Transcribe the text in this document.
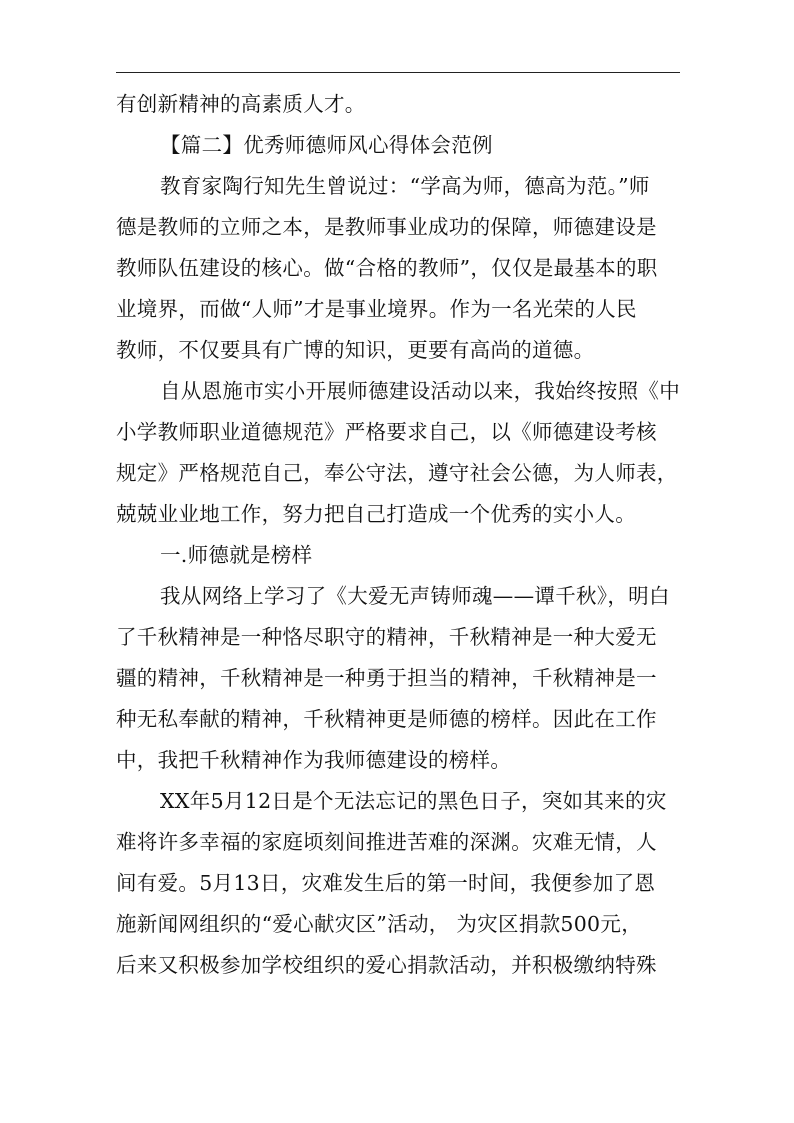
有创新精神的高素质人才。

【篇二】优秀师德师风心得体会范例

教育家陶行知先生曾说过：“学高为师，德高为范。”师

德是教师的立师之本，是教师事业成功的保障，师德建设是

教师队伍建设的核心。做“合格的教师”，仅仅是最基本的职

业境界，而做“人师”才是事业境界。作为一名光荣的人民

教师，不仅要具有广博的知识，更要有高尚的道德。

自从恩施市实小开展师德建设活动以来，我始终按照《中

小学教师职业道德规范》严格要求自己，以《师德建设考核

规定》严格规范自己，奉公守法，遵守社会公德，为人师表，

兢兢业业地工作，努力把自己打造成一个优秀的实小人。

一.师德就是榜样

我从网络上学习了《大爱无声铸师魂——谭千秋》，明白

了千秋精神是一种恪尽职守的精神，千秋精神是一种大爱无

疆的精神，千秋精神是一种勇于担当的精神，千秋精神是一

种无私奉献的精神，千秋精神更是师德的榜样。因此在工作

中，我把千秋精神作为我师德建设的榜样。

XX年5月12日是个无法忘记的黑色日子，突如其来的灾

难将许多幸福的家庭顷刻间推进苦难的深渊。灾难无情，人

间有爱。5月13日，灾难发生后的第一时间，我便参加了恩

施新闻网组织的“爱心献灾区”活动， 为灾区捐款500元，

后来又积极参加学校组织的爱心捐款活动，并积极缴纳特殊
